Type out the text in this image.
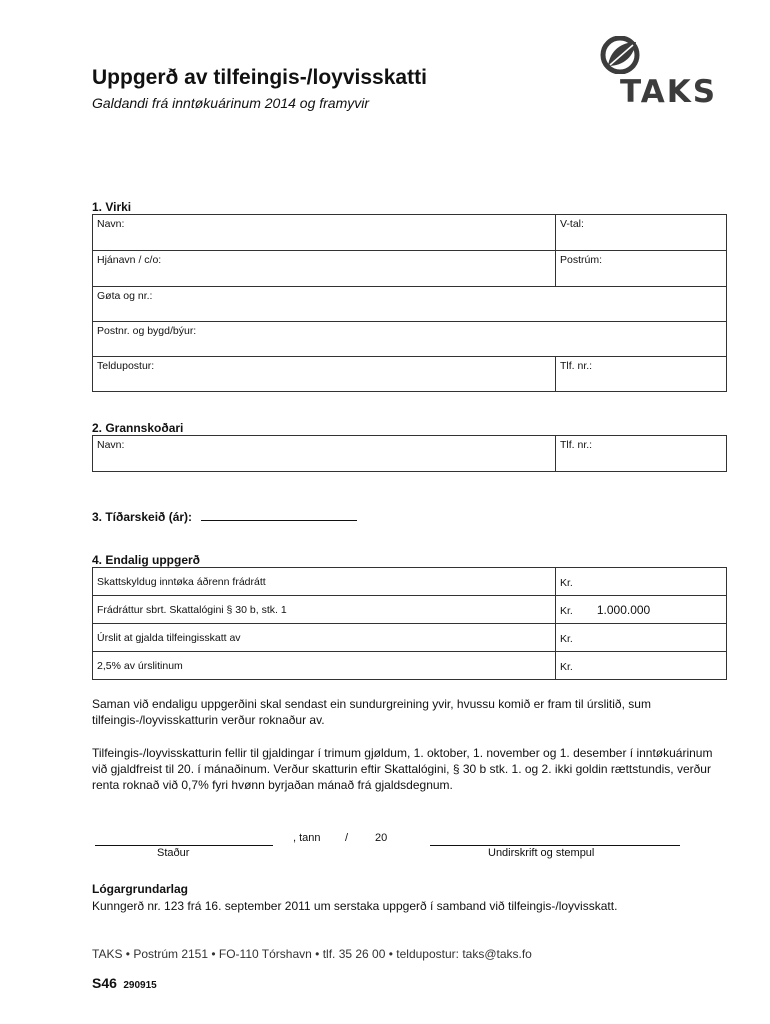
Uppgerð av tilfeingis-/loyvisskatti
Galdandi frá inntøkuárinum 2014 og framyvir	TAKS
1. Virki
Navn:	V-tal:
Hjánavn / c/o:	Postrúm:
Gøta og nr.:	
Postnr. og bygd/býur:	
Teldupostur:	Tlf. nr.:
2. Grannskoðari
Navn:	Tlf. nr.:
3. Tíðarskeið (ár):
4. Endalig uppgerð
Skattskyldug inntøka áðrenn frádrátt	Kr.
Frádráttur sbrt. Skattalógini § 30 b, stk. 1	Kr. 1.000.000
Úrslit at gjalda tilfeingisskatt av	Kr.
2,5% av úrslitinum	Kr.
Saman við endaligu uppgerðini skal sendast ein sundurgreining yvir, hvussu komið er fram til úrslitið, sum tilfeingis-/loyvisskatturin verður roknaður av.
Tilfeingis-/loyvisskatturin fellir til gjaldingar í trimum gjøldum, 1. oktober, 1. november og 1. desember í inntøkuárinum við gjaldfreist til 20. í mánaðinum. Verður skatturin eftir Skattalógini, § 30 b stk. 1. og 2. ikki goldin rættstundis, verður renta roknað við 0,7% fyri hvønn byrjaðan mánað frá gjaldsdegnum.
, tann / 20
Staður	Undirskrift og stempul
Lógargrundarlag
Kunngerð nr. 123 frá 16. september 2011 um serstaka uppgerð í samband við tilfeingis-/loyvisskatt.
TAKS • Postrúm 2151 • FO-110 Tórshavn • tlf. 35 26 00 • teldupostur: taks@taks.fo
S46 290915
